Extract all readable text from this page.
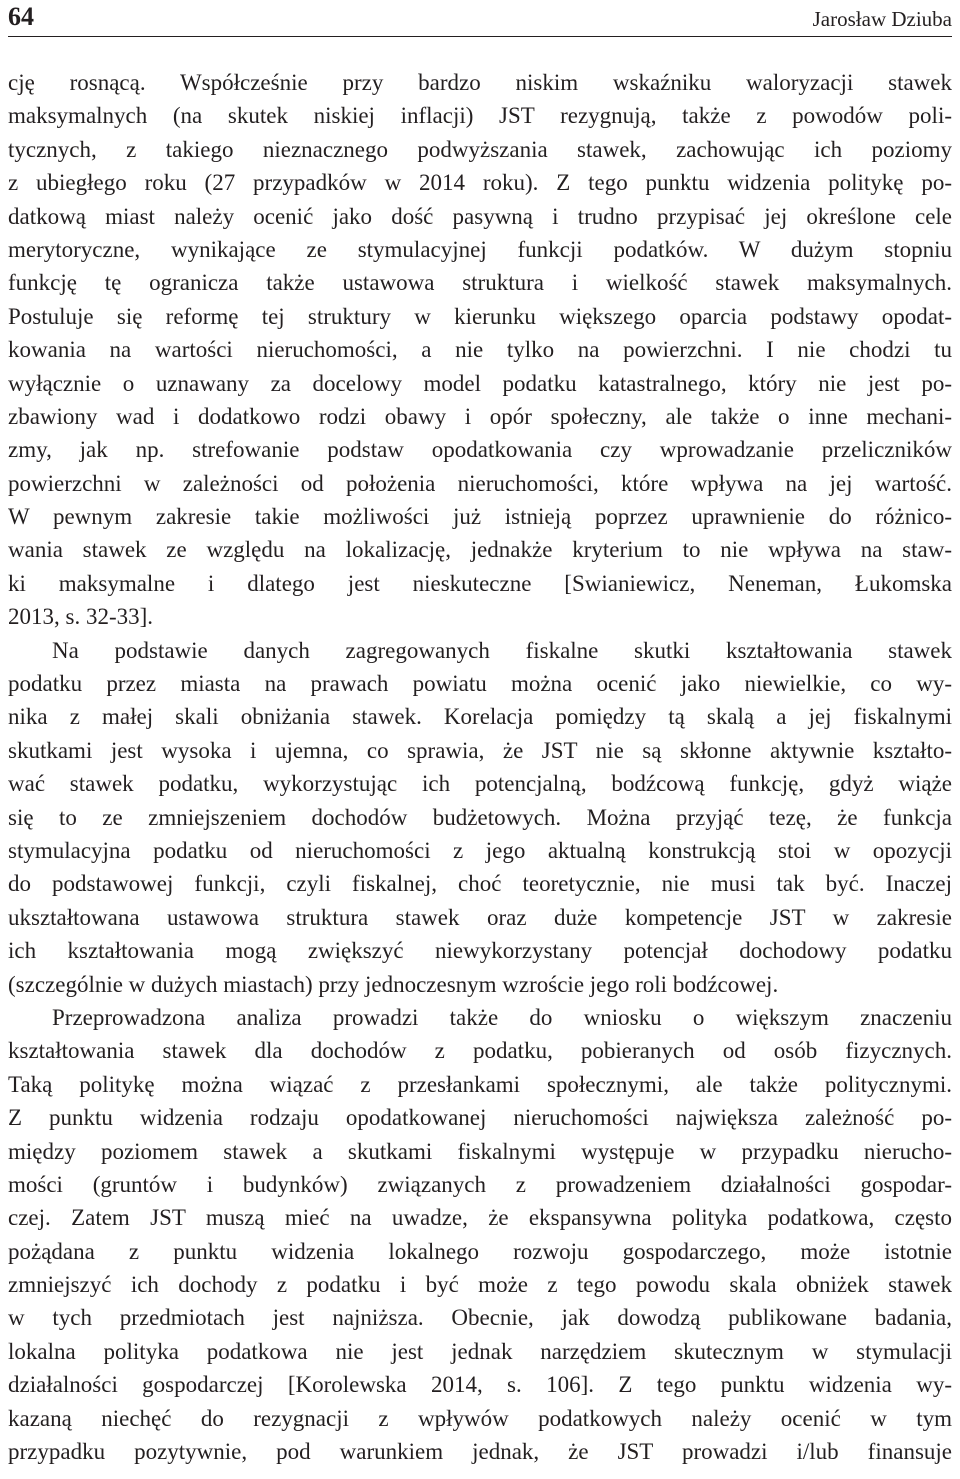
64	Jarosław Dziuba
cję rosnącą. Współcześnie przy bardzo niskim wskaźniku waloryzacji stawek
maksymalnych (na skutek niskiej inflacji) JST rezygnują, także z powodów poli-
tycznych, z takiego nieznacznego podwyższania stawek, zachowując ich poziomy
z ubiegłego roku (27 przypadków w 2014 roku). Z tego punktu widzenia politykę po-
datkową miast należy ocenić jako dość pasywną i trudno przypisać jej określone cele
merytoryczne, wynikające ze stymulacyjnej funkcji podatków. W dużym stopniu
funkcję tę ogranicza także ustawowa struktura i wielkość stawek maksymalnych.
Postuluje się reformę tej struktury w kierunku większego oparcia podstawy opodat-
kowania na wartości nieruchomości, a nie tylko na powierzchni. I nie chodzi tu
wyłącznie o uznawany za docelowy model podatku katastralnego, który nie jest po-
zbawiony wad i dodatkowo rodzi obawy i opór społeczny, ale także o inne mechani-
zmy, jak np. strefowanie podstaw opodatkowania czy wprowadzanie przeliczników
powierzchni w zależności od położenia nieruchomości, które wpływa na jej wartość.
W pewnym zakresie takie możliwości już istnieją poprzez uprawnienie do różnico-
wania stawek ze względu na lokalizację, jednakże kryterium to nie wpływa na staw-
ki maksymalne i dlatego jest nieskuteczne [Swianiewicz, Neneman, Łukomska
2013, s. 32-33].
Na podstawie danych zagregowanych fiskalne skutki kształtowania stawek
podatku przez miasta na prawach powiatu można ocenić jako niewielkie, co wy-
nika z małej skali obniżania stawek. Korelacja pomiędzy tą skalą a jej fiskalnymi
skutkami jest wysoka i ujemna, co sprawia, że JST nie są skłonne aktywnie kształto-
wać stawek podatku, wykorzystując ich potencjalną, bodźcową funkcję, gdyż wiąże
się to ze zmniejszeniem dochodów budżetowych. Można przyjąć tezę, że funkcja
stymulacyjna podatku od nieruchomości z jego aktualną konstrukcją stoi w opozycji
do podstawowej funkcji, czyli fiskalnej, choć teoretycznie, nie musi tak być. Inaczej
ukształtowana ustawowa struktura stawek oraz duże kompetencje JST w zakresie
ich kształtowania mogą zwiększyć niewykorzystany potencjał dochodowy podatku
(szczególnie w dużych miastach) przy jednoczesnym wzroście jego roli bodźcowej.
Przeprowadzona analiza prowadzi także do wniosku o większym znaczeniu
kształtowania stawek dla dochodów z podatku, pobieranych od osób fizycznych.
Taką politykę można wiązać z przesłankami społecznymi, ale także politycznymi.
Z punktu widzenia rodzaju opodatkowanej nieruchomości największa zależność po-
między poziomem stawek a skutkami fiskalnymi występuje w przypadku nierucho-
mości (gruntów i budynków) związanych z prowadzeniem działalności gospodar-
czej. Zatem JST muszą mieć na uwadze, że ekspansywna polityka podatkowa, często
pożądana z punktu widzenia lokalnego rozwoju gospodarczego, może istotnie
zmniejszyć ich dochody z podatku i być może z tego powodu skala obniżek stawek
w tych przedmiotach jest najniższa. Obecnie, jak dowodzą publikowane badania,
lokalna polityka podatkowa nie jest jednak narzędziem skutecznym w stymulacji
działalności gospodarczej [Korolewska 2014, s. 106]. Z tego punktu widzenia wy-
kazaną niechęć do rezygnacji z wpływów podatkowych należy ocenić w tym
przypadku pozytywnie, pod warunkiem jednak, że JST prowadzi i/lub finansuje
